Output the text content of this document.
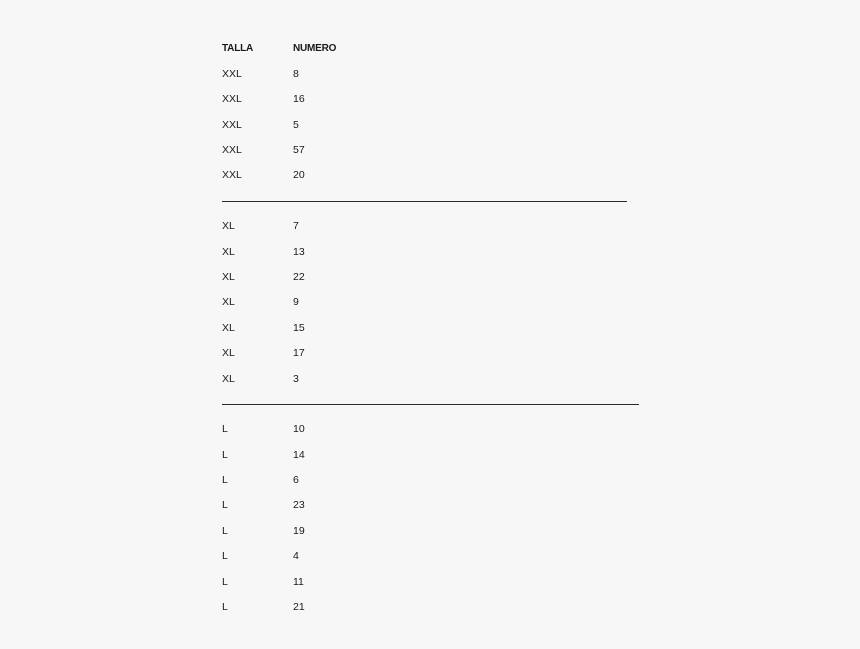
TALLA	NUMERO
XXL	8
XXL	16
XXL	5
XXL	57
XXL	20
XL	7
XL	13
XL	22
XL	9
XL	15
XL	17
XL	3
L	10
L	14
L	6
L	23
L	19
L	4
L	11
L	21
